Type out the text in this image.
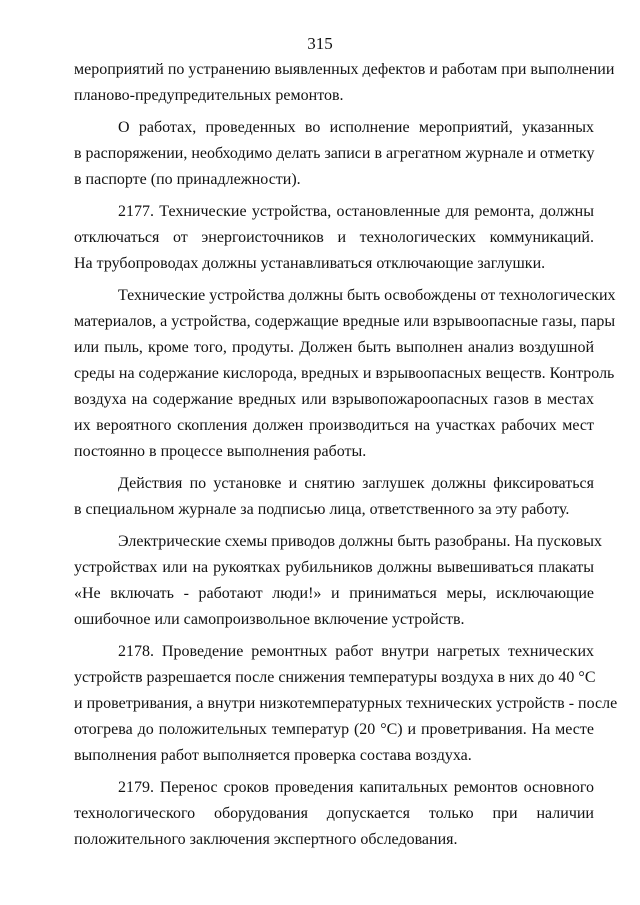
315
мероприятий по устранению выявленных дефектов и работам при выполнении
планово-предупредительных ремонтов.
О работах, проведенных во исполнение мероприятий, указанных
в распоряжении, необходимо делать записи в агрегатном журнале и отметку
в паспорте (по принадлежности).
2177. Технические устройства, остановленные для ремонта, должны
отключаться от энергоисточников и технологических коммуникаций.
На трубопроводах должны устанавливаться отключающие заглушки.
Технические устройства должны быть освобождены от технологических
материалов, а устройства, содержащие вредные или взрывоопасные газы, пары
или пыль, кроме того, продуты. Должен быть выполнен анализ воздушной
среды на содержание кислорода, вредных и взрывоопасных веществ. Контроль
воздуха на содержание вредных или взрывопожароопасных газов в местах
их вероятного скопления должен производиться на участках рабочих мест
постоянно в процессе выполнения работы.
Действия по установке и снятию заглушек должны фиксироваться
в специальном журнале за подписью лица, ответственного за эту работу.
Электрические схемы приводов должны быть разобраны. На пусковых
устройствах или на рукоятках рубильников должны вывешиваться плакаты
«Не включать - работают люди!» и приниматься меры, исключающие
ошибочное или самопроизвольное включение устройств.
2178. Проведение ремонтных работ внутри нагретых технических
устройств разрешается после снижения температуры воздуха в них до 40 °С
и проветривания, а внутри низкотемпературных технических устройств - после
отогрева до положительных температур (20 °С) и проветривания. На месте
выполнения работ выполняется проверка состава воздуха.
2179. Перенос сроков проведения капитальных ремонтов основного
технологического оборудования допускается только при наличии
положительного заключения экспертного обследования.
